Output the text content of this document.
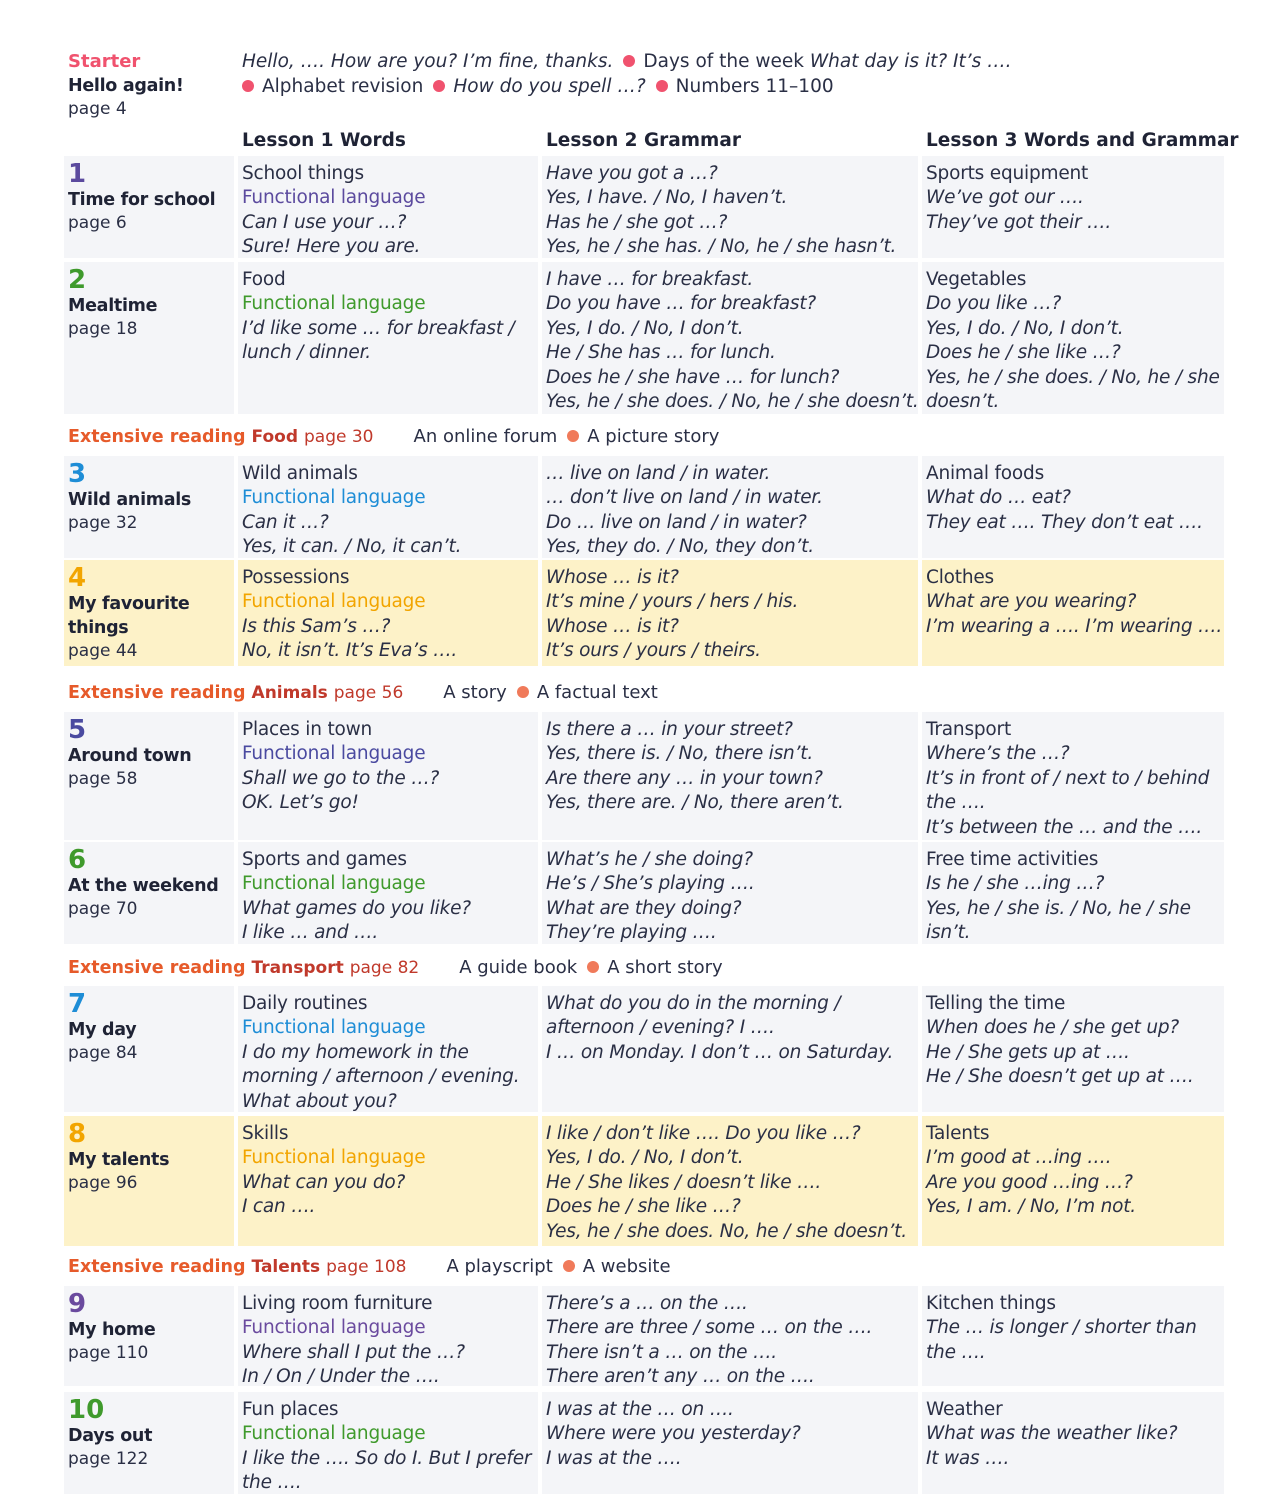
Starter
Hello again!
page 4
Hello, …. How are you? I’m fine, thanks. Days of the week What day is it? It’s ….
Alphabet revision How do you spell …? Numbers 11–100
Lesson 1 Words	Lesson 2 Grammar	Lesson 3 Words and Grammar
1
Time for school
page 6
School things
Functional language
Can I use your …?
Sure! Here you are.
Have you got a …?
Yes, I have. / No, I haven’t.
Has he / she got …?
Yes, he / she has. / No, he / she hasn’t.
Sports equipment
We’ve got our ….
They’ve got their ….
2
Mealtime
page 18
Food
Functional language
I’d like some … for breakfast /
lunch / dinner.
I have … for breakfast.
Do you have … for breakfast?
Yes, I do. / No, I don’t.
He / She has … for lunch.
Does he / she have … for lunch?
Yes, he / she does. / No, he / she doesn’t.
Vegetables
Do you like …?
Yes, I do. / No, I don’t.
Does he / she like …?
Yes, he / she does. / No, he / she
doesn’t.
3
Wild animals
page 32
Wild animals
Functional language
Can it …?
Yes, it can. / No, it can’t.
… live on land / in water.
… don’t live on land / in water.
Do … live on land / in water?
Yes, they do. / No, they don’t.
Animal foods
What do … eat?
They eat …. They don’t eat ….
4
My favourite
things
page 44
Possessions
Functional language
Is this Sam’s …?
No, it isn’t. It’s Eva’s ….
Whose … is it?
It’s mine / yours / hers / his.
Whose … is it?
It’s ours / yours / theirs.
Clothes
What are you wearing?
I’m wearing a …. I’m wearing ….
5
Around town
page 58
Places in town
Functional language
Shall we go to the …?
OK. Let’s go!
Is there a … in your street?
Yes, there is. / No, there isn’t.
Are there any … in your town?
Yes, there are. / No, there aren’t.
Transport
Where’s the …?
It’s in front of / next to / behind
the ….
It’s between the … and the ….
6
At the weekend
page 70
Sports and games
Functional language
What games do you like?
I like … and ….
What’s he / she doing?
He’s / She’s playing ….
What are they doing?
They’re playing ….
Free time activities
Is he / she …ing …?
Yes, he / she is. / No, he / she
isn’t.
7
My day
page 84
Daily routines
Functional language
I do my homework in the
morning / afternoon / evening.
What about you?
What do you do in the morning /
afternoon / evening? I ….
I … on Monday. I don’t … on Saturday.
Telling the time
When does he / she get up?
He / She gets up at ….
He / She doesn’t get up at ….
8
My talents
page 96
Skills
Functional language
What can you do?
I can ….
I like / don’t like …. Do you like …?
Yes, I do. / No, I don’t.
He / She likes / doesn’t like ….
Does he / she like …?
Yes, he / she does. No, he / she doesn’t.
Talents
I’m good at …ing ….
Are you good …ing …?
Yes, I am. / No, I’m not.
9
My home
page 110
Living room furniture
Functional language
Where shall I put the …?
In / On / Under the ….
There’s a … on the ….
There are three / some … on the ….
There isn’t a … on the ….
There aren’t any … on the ….
Kitchen things
The … is longer / shorter than
the ….
10
Days out
page 122
Fun places
Functional language
I like the …. So do I. But I prefer
the ….
I was at the … on ….
Where were you yesterday?
I was at the ….
Weather
What was the weather like?
It was ….
Extensive reading Food page 30 An online forum A picture story
Extensive reading Animals page 56 A story A factual text
Extensive reading Transport page 82 A guide book A short story
Extensive reading Talents page 108 A playscript A website
